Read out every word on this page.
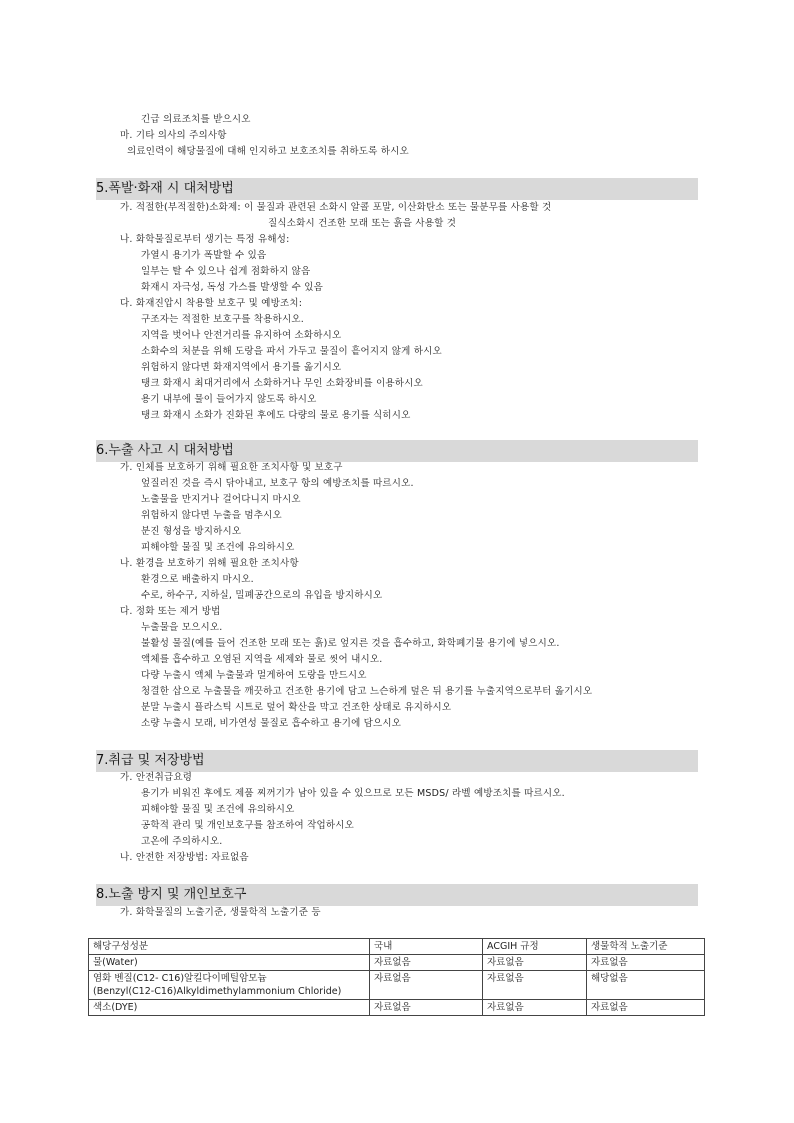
긴급 의료조치를 받으시오
마. 기타 의사의 주의사항
의료인력이 해당물질에 대해 인지하고 보호조치를 취하도록 하시오
5.폭발·화재 시 대처방법
가. 적절한(부적절한)소화제: 이 물질과 관련된 소화시 알콜 포말, 이산화탄소 또는 물분무를 사용할 것
질식소화시 건조한 모래 또는 흙을 사용할 것
나. 화학물질로부터 생기는 특정 유해성:
가열시 용기가 폭발할 수 있음
일부는 탈 수 있으나 쉽게 점화하지 않음
화재시 자극성, 독성 가스를 발생할 수 있음
다. 화재진압시 착용할 보호구 및 예방조치:
구조자는 적절한 보호구를 착용하시오.
지역을 벗어나 안전거리를 유지하여 소화하시오
소화수의 처분을 위해 도랑을 파서 가두고 물질이 흩어지지 않게 하시오
위험하지 않다면 화재지역에서 용기를 옮기시오
탱크 화재시 최대거리에서 소화하거나 무인 소화장비를 이용하시오
용기 내부에 물이 들어가지 않도록 하시오
탱크 화재시 소화가 진화된 후에도 다량의 물로 용기를 식히시오
6.누출 사고 시 대처방법
가. 인체를 보호하기 위해 필요한 조치사항 및 보호구
엎질러진 것을 즉시 닦아내고, 보호구 항의 예방조치를 따르시오.
노출물을 만지거나 걸어다니지 마시오
위험하지 않다면 누출을 멈추시오
분진 형성을 방지하시오
피해야할 물질 및 조건에 유의하시오
나. 환경을 보호하기 위해 필요한 조치사항
환경으로 배출하지 마시오.
수로, 하수구, 지하실, 밀폐공간으로의 유입을 방지하시오
다. 정화 또는 제거 방법
누출물을 모으시오.
불활성 물질(예를 들어 건조한 모래 또는 흙)로 엎지른 것을 흡수하고, 화학폐기물 용기에 넣으시오.
액체를 흡수하고 오염된 지역을 세제와 물로 씻어 내시오.
다량 누출시 액체 누출물과 멀게하여 도랑을 만드시오
청결한 삽으로 누출물을 깨끗하고 건조한 용기에 담고 느슨하게 덮은 뒤 용기를 누출지역으로부터 옮기시오
분말 누출시 플라스틱 시트로 덮어 확산을 막고 건조한 상태로 유지하시오
소량 누출시 모래, 비가연성 물질로 흡수하고 용기에 담으시오
7.취급 및 저장방법
가. 안전취급요령
용기가 비워진 후에도 제품 찌꺼기가 남아 있을 수 있으므로 모든 MSDS/ 라벨 예방조치를 따르시오.
피해야할 물질 및 조건에 유의하시오
공학적 관리 및 개인보호구를 참조하여 작업하시오
고온에 주의하시오.
나. 안전한 저장방법: 자료없음
8.노출 방지 및 개인보호구
가. 화학물질의 노출기준, 생물학적 노출기준 등
해당구성성분	국내	ACGIH 규정	생물학적 노출기준
물(Water)	자료없음	자료없음	자료없음

염화 벤질(C12- C16)알킬다이메틸암모늄
(Benzyl(C12-C16)Alkyldimethylammonium Chloride)	자료없음	자료없음	해당없음
색소(DYE)	자료없음	자료없음	자료없음
